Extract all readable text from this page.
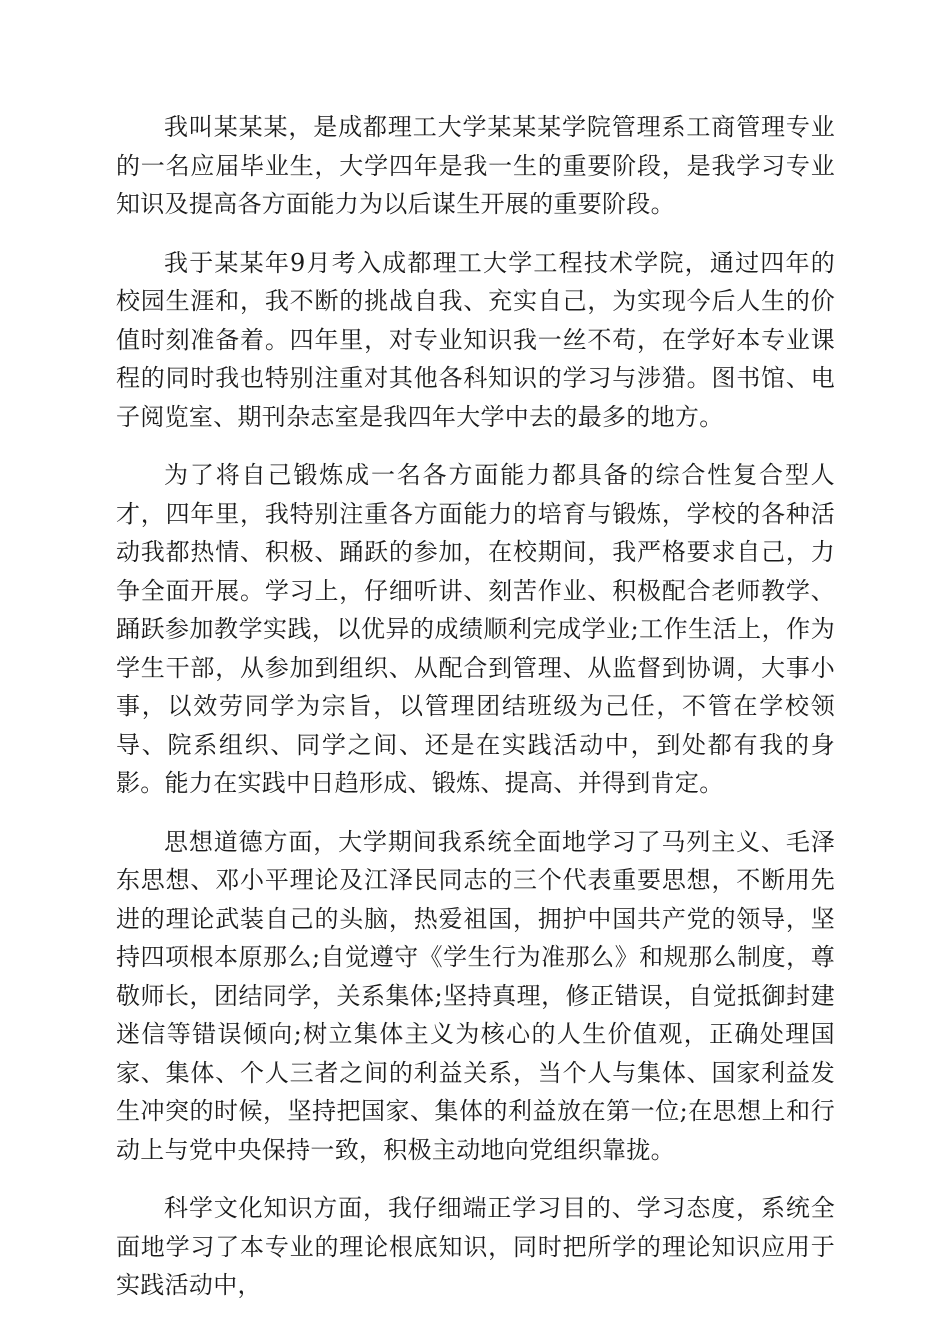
我叫某某某，是成都理工大学某某某学院管理系工商管理专业的一名应届毕业生，大学四年是我一生的重要阶段，是我学习专业知识及提高各方面能力为以后谋生开展的重要阶段。

我于某某年9月考入成都理工大学工程技术学院，通过四年的校园生涯和，我不断的挑战自我、充实自己，为实现今后人生的价值时刻准备着。四年里，对专业知识我一丝不苟，在学好本专业课程的同时我也特别注重对其他各科知识的学习与涉猎。图书馆、电子阅览室、期刊杂志室是我四年大学中去的最多的地方。

为了将自己锻炼成一名各方面能力都具备的综合性复合型人才，四年里，我特别注重各方面能力的培育与锻炼，学校的各种活动我都热情、积极、踊跃的参加，在校期间，我严格要求自己，力争全面开展。学习上，仔细听讲、刻苦作业、积极配合老师教学、踊跃参加教学实践，以优异的成绩顺利完成学业;工作生活上，作为学生干部，从参加到组织、从配合到管理、从监督到协调，大事小事，以效劳同学为宗旨，以管理团结班级为己任，不管在学校领导、院系组织、同学之间、还是在实践活动中，到处都有我的身影。能力在实践中日趋形成、锻炼、提高、并得到肯定。

思想道德方面，大学期间我系统全面地学习了马列主义、毛泽东思想、邓小平理论及江泽民同志的三个代表重要思想，不断用先进的理论武装自己的头脑，热爱祖国，拥护中国共产党的领导，坚持四项根本原那么;自觉遵守《学生行为准那么》和规那么制度，尊敬师长，团结同学，关系集体;坚持真理，修正错误，自觉抵御封建迷信等错误倾向;树立集体主义为核心的人生价值观，正确处理国家、集体、个人三者之间的利益关系，当个人与集体、国家利益发生冲突的时候，坚持把国家、集体的利益放在第一位;在思想上和行动上与党中央保持一致，积极主动地向党组织靠拢。

科学文化知识方面，我仔细端正学习目的、学习态度，系统全面地学习了本专业的理论根底知识，同时把所学的理论知识应用于实践活动中，
